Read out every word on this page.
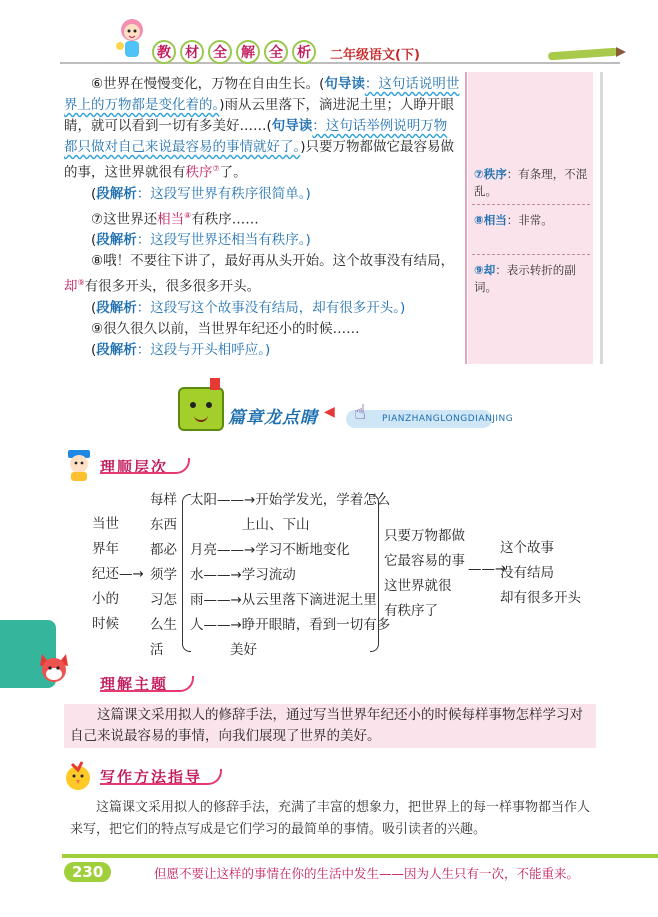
教	材	全	解	全	析	二年级语文(下)

⑥世界在慢慢变化，万物在自由生长。(句导读：这句话说明世界上的万物都是变化着的。)雨从云里落下，滴进泥土里；人睁开眼睛，就可以看到一切有多美好……(句导读：这句话举例说明万物都只做对自己来说最容易的事情就好了。)只要万物都做它最容易做的事，这世界就很有秩序⑦了。

(段解析：这段写世界有秩序很简单。)

⑦这世界还相当⑧有秩序……

(段解析：这段写世界还相当有秩序。)

⑧哦！不要往下讲了，最好再从头开始。这个故事没有结局，却⑨有很多开头，很多很多开头。

(段解析：这段写这个故事没有结局，却有很多开头。)

⑨很久很久以前，当世界年纪还小的时候……

(段解析：这段与开头相呼应。)

⑦秩序：有条理，不混乱。
⑧相当：非常。
⑨却：表示转折的副词。
篇章龙点睛 ◀ ☝ PIANZHANGLONGDIANJING
理顺层次
当世
界年
纪还—→
小的
时候
每样
东西
都必
须学
习怎
么生
活
太阳——→开始学发光，学着怎么
上山、下山
月亮——→学习不断地变化
水——→学习流动
雨——→从云里落下滴进泥土里
人——→睁开眼睛，看到一切有多
美好
只要万物都做
它最容易的事
这世界就很
有秩序了
——→
这个故事
没有结局
却有很多开头
理解主题
这篇课文采用拟人的修辞手法，通过写当世界年纪还小的时候每样事物怎样学习对自己来说最容易的事情，向我们展现了世界的美好。
写作方法指导
这篇课文采用拟人的修辞手法，充满了丰富的想象力，把世界上的每一样事物都当作人来写，把它们的特点写成是它们学习的最简单的事情。吸引读者的兴趣。
230	但愿不要让这样的事情在你的生活中发生——因为人生只有一次，不能重来。
